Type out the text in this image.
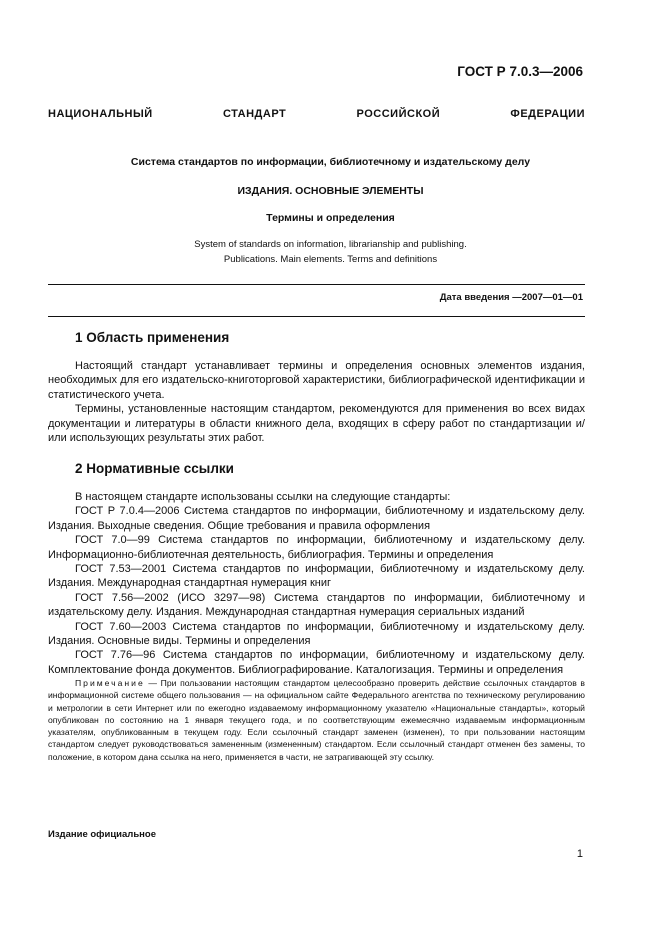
ГОСТ Р 7.0.3—2006
НАЦИОНАЛЬНЫЙ СТАНДАРТ РОССИЙСКОЙ ФЕДЕРАЦИИ
Система стандартов по информации, библиотечному и издательскому делу
ИЗДАНИЯ. ОСНОВНЫЕ ЭЛЕМЕНТЫ
Термины и определения
System of standards on information, librarianship and publishing.
Publications. Main elements. Terms and definitions
Дата введения —2007—01—01
1 Область применения

Настоящий стандарт устанавливает термины и определения основных элементов издания, необходимых для его издательско-книготорговой характеристики, библиографической идентификации и статистического учета.

Термины, установленные настоящим стандартом, рекомендуются для применения во всех видах документации и литературы в области книжного дела, входящих в сферу работ по стандартизации и/или использующих результаты этих работ.

2 Нормативные ссылки

В настоящем стандарте использованы ссылки на следующие стандарты:

ГОСТ Р 7.0.4—2006 Система стандартов по информации, библиотечному и издательскому делу. Издания. Выходные сведения. Общие требования и правила оформления

ГОСТ 7.0—99 Система стандартов по информации, библиотечному и издательскому делу. Информационно-библиотечная деятельность, библиография. Термины и определения

ГОСТ 7.53—2001 Система стандартов по информации, библиотечному и издательскому делу. Издания. Международная стандартная нумерация книг

ГОСТ 7.56—2002 (ИСО 3297—98) Система стандартов по информации, библиотечному и издательскому делу. Издания. Международная стандартная нумерация сериальных изданий

ГОСТ 7.60—2003 Система стандартов по информации, библиотечному и издательскому делу. Издания. Основные виды. Термины и определения

ГОСТ 7.76—96 Система стандартов по информации, библиотечному и издательскому делу. Комплектование фонда документов. Библиографирование. Каталогизация. Термины и определения

Примечание — При пользовании настоящим стандартом целесообразно проверить действие ссылочных стандартов в информационной системе общего пользования — на официальном сайте Федерального агентства по техническому регулированию и метрологии в сети Интернет или по ежегодно издаваемому информационному указателю «Национальные стандарты», который опубликован по состоянию на 1 января текущего года, и по соответствующим ежемесячно издаваемым информационным указателям, опубликованным в текущем году. Если ссылочный стандарт заменен (изменен), то при пользовании настоящим стандартом следует руководствоваться замененным (измененным) стандартом. Если ссылочный стандарт отменен без замены, то положение, в котором дана ссылка на него, применяется в части, не затрагивающей эту ссылку.

Издание официальное
1
